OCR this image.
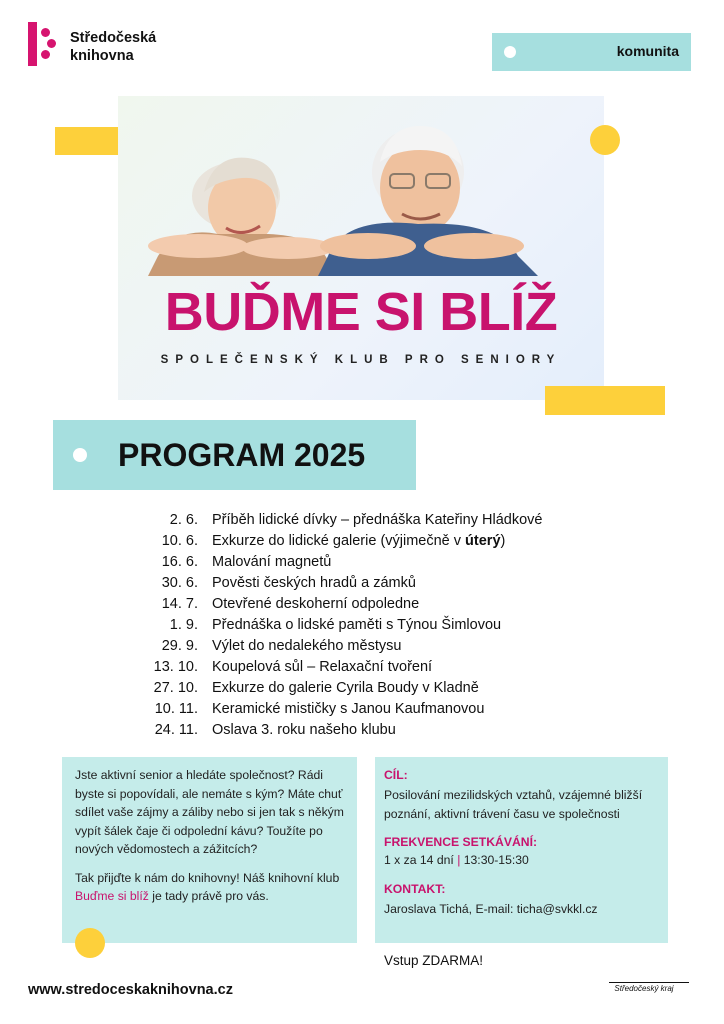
Středočeská
knihovna	komunita
BUĎME SI BLÍŽ
SPOLEČENSKÝ KLUB PRO SENIORY
PROGRAM 2025
2. 6. Příběh lidické dívky – přednáška Kateřiny Hládkové
10. 6. Exkurze do lidické galerie (výjimečně v úterý)
16. 6. Malování magnetů
30. 6. Pověsti českých hradů a zámků
14. 7. Otevřené deskoherní odpoledne
1. 9. Přednáška o lidské paměti s Týnou Šimlovou
29. 9. Výlet do nedalekého městysu
13. 10. Koupelová sůl – Relaxační tvoření
27. 10. Exkurze do galerie Cyrila Boudy v Kladně
10. 11. Keramické mističky s Janou Kaufmanovou
24. 11. Oslava 3. roku našeho klubu

Jste aktivní senior a hledáte společnost? Rádi byste si popovídali, ale nemáte s kým? Máte chuť sdílet vaše zájmy a záliby nebo si jen tak s někým vypít šálek čaje či odpolední kávu? Toužíte po nových vědomostech a zážitcích?

Tak přijďte k nám do knihovny! Náš knihovní klub Buďme si blíž je tady právě pro vás.

CÍL:

Posilování mezilidských vztahů, vzájemné bližší poznání, aktivní trávení času ve společnosti

FREKVENCE SETKÁVÁNÍ:

1 x za 14 dní | 13:30-15:30

KONTAKT:

Jaroslava Tichá, E-mail: ticha@svkkl.cz

Vstup ZDARMA!
www.stredoceskaknihovna.cz	Středočeský kraj
